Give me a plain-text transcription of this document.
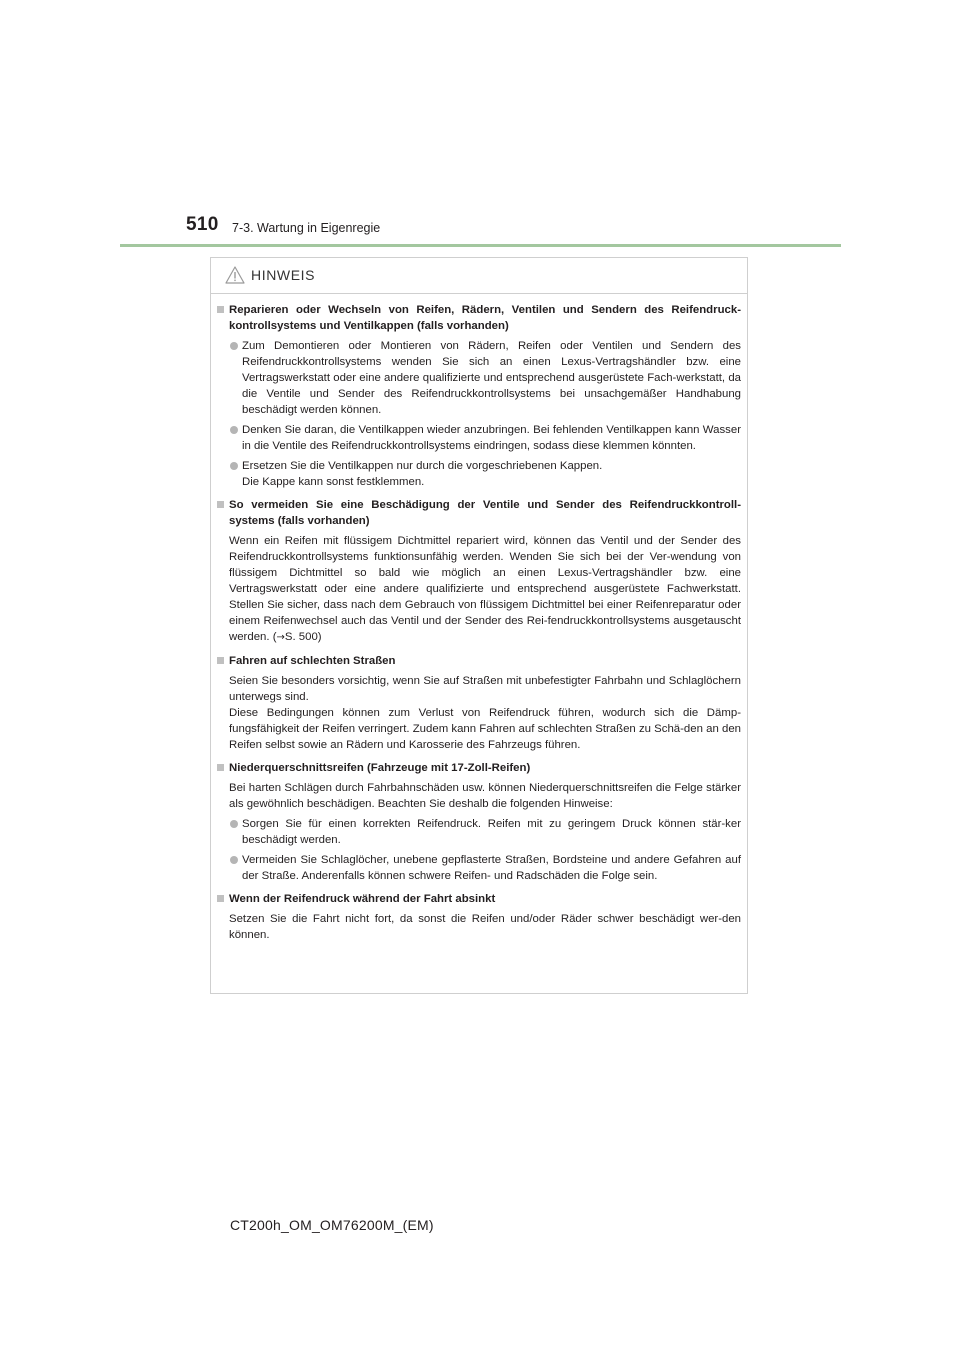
510 7-3. Wartung in Eigenregie
HINWEIS
Reparieren oder Wechseln von Reifen, Rädern, Ventilen und Sendern des Reifendruck-kontrollsystems und Ventilkappen (falls vorhanden)
Zum Demontieren oder Montieren von Rädern, Reifen oder Ventilen und Sendern des Reifendruckkontrollsystems wenden Sie sich an einen Lexus-Vertragshändler bzw. eine Vertragswerkstatt oder eine andere qualifizierte und entsprechend ausgerüstete Fach-werkstatt, da die Ventile und Sender des Reifendruckkontrollsystems bei unsachgemäßer Handhabung beschädigt werden können.
Denken Sie daran, die Ventilkappen wieder anzubringen. Bei fehlenden Ventilkappen kann Wasser in die Ventile des Reifendruckkontrollsystems eindringen, sodass diese klemmen könnten.
Ersetzen Sie die Ventilkappen nur durch die vorgeschriebenen Kappen.
Die Kappe kann sonst festklemmen.
So vermeiden Sie eine Beschädigung der Ventile und Sender des Reifendruckkontroll-systems (falls vorhanden)
Wenn ein Reifen mit flüssigem Dichtmittel repariert wird, können das Ventil und der Sender des Reifendruckkontrollsystems funktionsunfähig werden. Wenden Sie sich bei der Ver-wendung von flüssigem Dichtmittel so bald wie möglich an einen Lexus-Vertragshändler bzw. eine Vertragswerkstatt oder eine andere qualifizierte und entsprechend ausgerüstete Fachwerkstatt. Stellen Sie sicher, dass nach dem Gebrauch von flüssigem Dichtmittel bei einer Reifenreparatur oder einem Reifenwechsel auch das Ventil und der Sender des Rei-fendruckkontrollsystems ausgetauscht werden. (→S. 500)
Fahren auf schlechten Straßen
Seien Sie besonders vorsichtig, wenn Sie auf Straßen mit unbefestigter Fahrbahn und Schlaglöchern unterwegs sind.
Diese Bedingungen können zum Verlust von Reifendruck führen, wodurch sich die Dämp-fungsfähigkeit der Reifen verringert. Zudem kann Fahren auf schlechten Straßen zu Schä-den an den Reifen selbst sowie an Rädern und Karosserie des Fahrzeugs führen.
Niederquerschnittsreifen (Fahrzeuge mit 17-Zoll-Reifen)
Bei harten Schlägen durch Fahrbahnschäden usw. können Niederquerschnittsreifen die Felge stärker als gewöhnlich beschädigen. Beachten Sie deshalb die folgenden Hinweise:
Sorgen Sie für einen korrekten Reifendruck. Reifen mit zu geringem Druck können stär-ker beschädigt werden.
Vermeiden Sie Schlaglöcher, unebene gepflasterte Straßen, Bordsteine und andere Gefahren auf der Straße. Anderenfalls können schwere Reifen- und Radschäden die Folge sein.
Wenn der Reifendruck während der Fahrt absinkt
Setzen Sie die Fahrt nicht fort, da sonst die Reifen und/oder Räder schwer beschädigt wer-den können.
CT200h_OM_OM76200M_(EM)
